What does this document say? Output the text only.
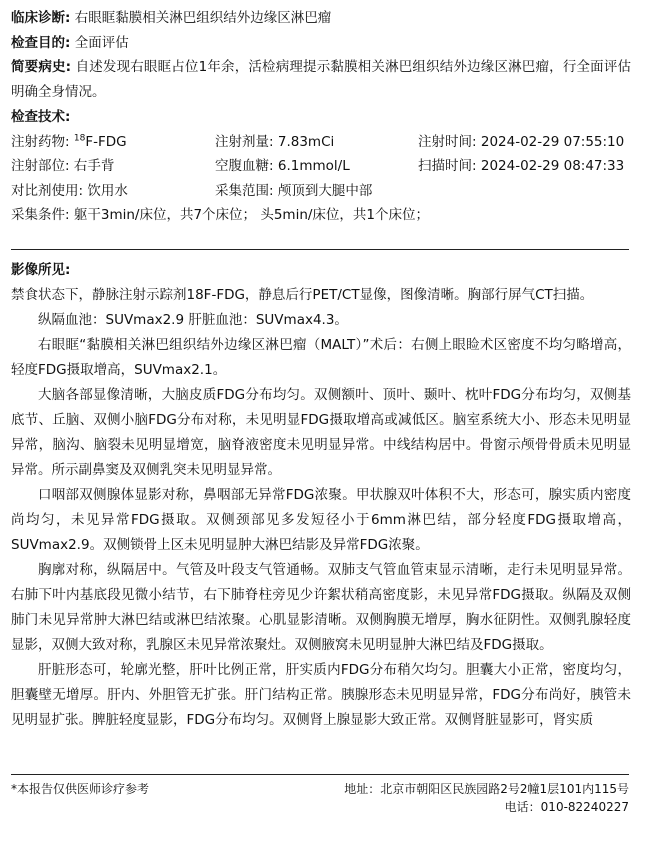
临床诊断: 右眼眶黏膜相关淋巴组织结外边缘区淋巴瘤
检查目的: 全面评估

简要病史: 自述发现右眼眶占位1年余，活检病理提示黏膜相关淋巴组织结外边缘区淋巴瘤，行全面评估明确全身情况。

检查技术:
注射药物: $^{18}$F-FDG	注射剂量: 7.83mCi	注射时间: 2024-02-29 07:55:10
注射部位: 右手背	空腹血糖: 6.1mmol/L	扫描时间: 2024-02-29 08:47:33
对比剂使用: 饮用水	采集范围: 颅顶到大腿中部
采集条件: 躯干3min/床位，共7个床位； 头5min/床位，共1个床位；
影像所见:

禁食状态下，静脉注射示踪剂18F-FDG，静息后行PET/CT显像，图像清晰。胸部行屏气CT扫描。

纵隔血池：SUVmax2.9 肝脏血池：SUVmax4.3。

右眼眶“黏膜相关淋巴组织结外边缘区淋巴瘤（MALT）”术后：右侧上眼睑术区密度不均匀略增高，轻度FDG摄取增高，SUVmax2.1。

大脑各部显像清晰，大脑皮质FDG分布均匀。双侧额叶、顶叶、颞叶、枕叶FDG分布均匀，双侧基底节、丘脑、双侧小脑FDG分布对称，未见明显FDG摄取增高或减低区。脑室系统大小、形态未见明显异常，脑沟、脑裂未见明显增宽，脑脊液密度未见明显异常。中线结构居中。骨窗示颅骨骨质未见明显异常。所示副鼻窦及双侧乳突未见明显异常。

口咽部双侧腺体显影对称，鼻咽部无异常FDG浓聚。甲状腺双叶体积不大，形态可，腺实质内密度尚均匀，未见异常FDG摄取。双侧颈部见多发短径小于6mm淋巴结，部分轻度FDG摄取增高，SUVmax2.9。双侧锁骨上区未见明显肿大淋巴结影及异常FDG浓聚。

胸廓对称，纵隔居中。气管及叶段支气管通畅。双肺支气管血管束显示清晰，走行未见明显异常。右肺下叶内基底段见微小结节，右下肺脊柱旁见少许絮状稍高密度影，未见异常FDG摄取。纵隔及双侧肺门未见异常肿大淋巴结或淋巴结浓聚。心肌显影清晰。双侧胸膜无增厚，胸水征阴性。双侧乳腺轻度显影，双侧大致对称，乳腺区未见异常浓聚灶。双侧腋窝未见明显肿大淋巴结及FDG摄取。

肝脏形态可，轮廓光整，肝叶比例正常，肝实质内FDG分布稍欠均匀。胆囊大小正常，密度均匀，胆囊壁无增厚。肝内、外胆管无扩张。肝门结构正常。胰腺形态未见明显异常，FDG分布尚好，胰管未见明显扩张。脾脏轻度显影，FDG分布均匀。双侧肾上腺显影大致正常。双侧肾脏显影可，肾实质

*本报告仅供医师诊疗参考	地址：北京市朝阳区民族园路2号2幢1层101内115号
电话：010-82240227
